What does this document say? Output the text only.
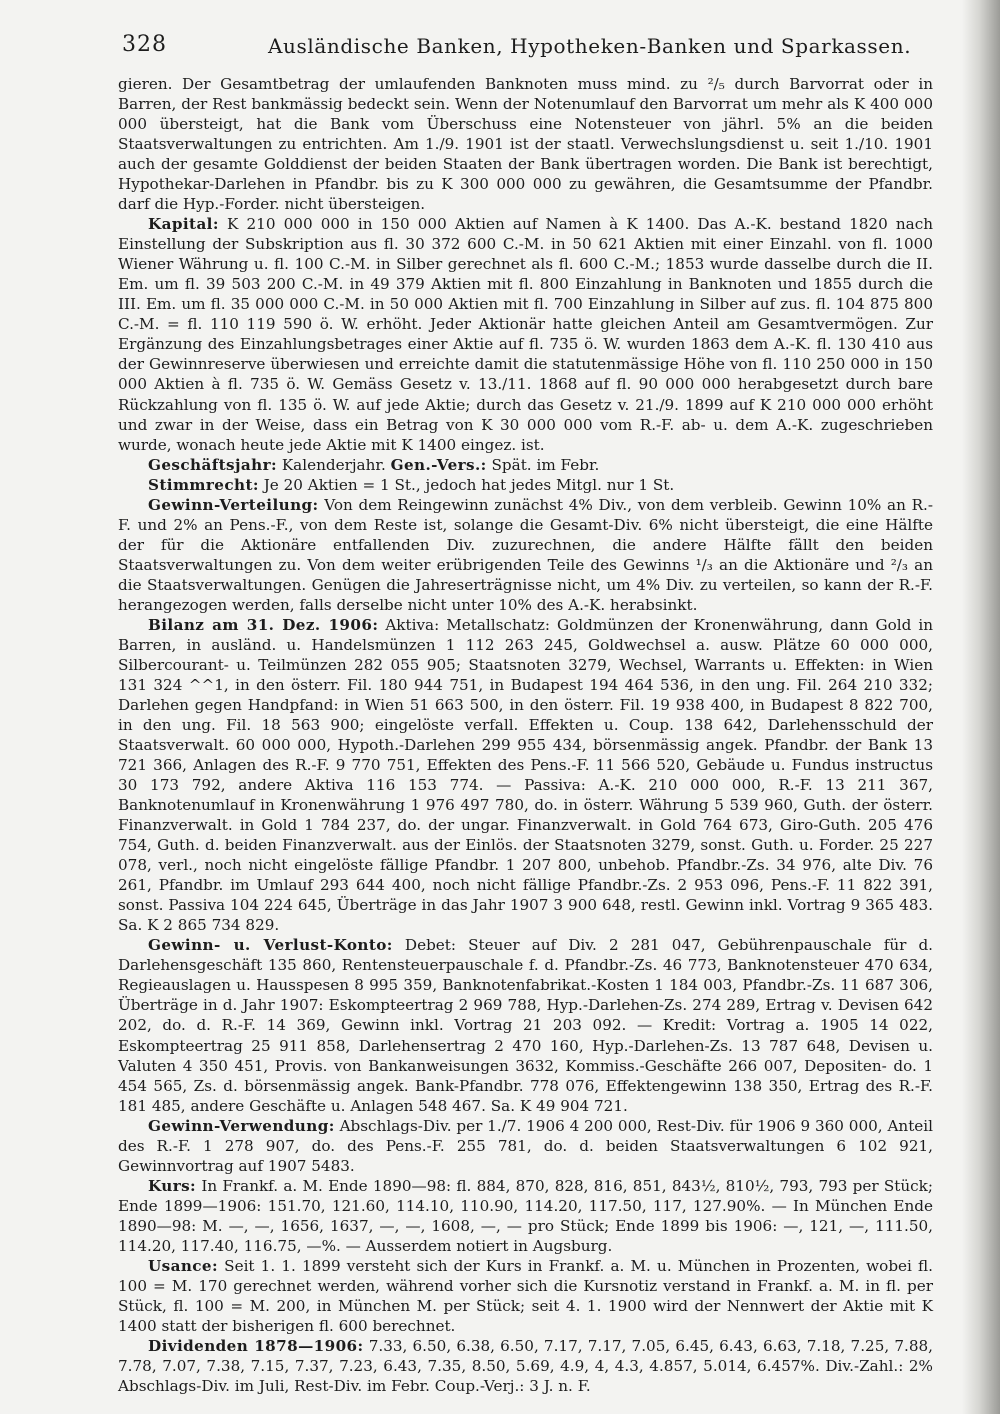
328	Ausländische Banken, Hypotheken-Banken und Sparkassen.

gieren. Der Gesamtbetrag der umlaufenden Banknoten muss mind. zu ²/₅ durch Barvorrat oder in Barren, der Rest bankmässig bedeckt sein. Wenn der Notenumlauf den Barvorrat um mehr als K 400 000 000 übersteigt, hat die Bank vom Überschuss eine Notensteuer von jährl. 5% an die beiden Staatsverwaltungen zu entrichten. Am 1./9. 1901 ist der staatl. Verwechslungsdienst u. seit 1./10. 1901 auch der gesamte Golddienst der beiden Staaten der Bank übertragen worden. Die Bank ist berechtigt, Hypothekar-Darlehen in Pfandbr. bis zu K 300 000 000 zu gewähren, die Gesamtsumme der Pfandbr. darf die Hyp.-Forder. nicht übersteigen.

Kapital: K 210 000 000 in 150 000 Aktien auf Namen à K 1400. Das A.-K. bestand 1820 nach Einstellung der Subskription aus fl. 30 372 600 C.-M. in 50 621 Aktien mit einer Einzahl. von fl. 1000 Wiener Währung u. fl. 100 C.-M. in Silber gerechnet als fl. 600 C.-M.; 1853 wurde dasselbe durch die II. Em. um fl. 39 503 200 C.-M. in 49 379 Aktien mit fl. 800 Einzahlung in Banknoten und 1855 durch die III. Em. um fl. 35 000 000 C.-M. in 50 000 Aktien mit fl. 700 Einzahlung in Silber auf zus. fl. 104 875 800 C.-M. = fl. 110 119 590 ö. W. erhöht. Jeder Aktionär hatte gleichen Anteil am Gesamtvermögen. Zur Ergänzung des Einzahlungsbetrages einer Aktie auf fl. 735 ö. W. wurden 1863 dem A.-K. fl. 130 410 aus der Gewinnreserve überwiesen und erreichte damit die statutenmässige Höhe von fl. 110 250 000 in 150 000 Aktien à fl. 735 ö. W. Gemäss Gesetz v. 13./11. 1868 auf fl. 90 000 000 herabgesetzt durch bare Rückzahlung von fl. 135 ö. W. auf jede Aktie; durch das Gesetz v. 21./9. 1899 auf K 210 000 000 erhöht und zwar in der Weise, dass ein Betrag von K 30 000 000 vom R.-F. ab- u. dem A.-K. zugeschrieben wurde, wonach heute jede Aktie mit K 1400 eingez. ist.

Geschäftsjahr: Kalenderjahr. Gen.-Vers.: Spät. im Febr.

Stimmrecht: Je 20 Aktien = 1 St., jedoch hat jedes Mitgl. nur 1 St.

Gewinn-Verteilung: Von dem Reingewinn zunächst 4% Div., von dem verbleib. Gewinn 10% an R.-F. und 2% an Pens.-F., von dem Reste ist, solange die Gesamt-Div. 6% nicht übersteigt, die eine Hälfte der für die Aktionäre entfallenden Div. zuzurechnen, die andere Hälfte fällt den beiden Staatsverwaltungen zu. Von dem weiter erübrigenden Teile des Gewinns ¹/₃ an die Aktionäre und ²/₃ an die Staatsverwaltungen. Genügen die Jahreserträgnisse nicht, um 4% Div. zu verteilen, so kann der R.-F. herangezogen werden, falls derselbe nicht unter 10% des A.-K. herabsinkt.

Bilanz am 31. Dez. 1906: Aktiva: Metallschatz: Goldmünzen der Kronenwährung, dann Gold in Barren, in ausländ. u. Handelsmünzen 1 112 263 245, Goldwechsel a. ausw. Plätze 60 000 000, Silbercourant- u. Teilmünzen 282 055 905; Staatsnoten 3279, Wechsel, Warrants u. Effekten: in Wien 131 324 ^^1, in den österr. Fil. 180 944 751, in Budapest 194 464 536, in den ung. Fil. 264 210 332; Darlehen gegen Handpfand: in Wien 51 663 500, in den österr. Fil. 19 938 400, in Budapest 8 822 700, in den ung. Fil. 18 563 900; eingelöste verfall. Effekten u. Coup. 138 642, Darlehensschuld der Staatsverwalt. 60 000 000, Hypoth.-Darlehen 299 955 434, börsenmässig angek. Pfandbr. der Bank 13 721 366, Anlagen des R.-F. 9 770 751, Effekten des Pens.-F. 11 566 520, Gebäude u. Fundus instructus 30 173 792, andere Aktiva 116 153 774. — Passiva: A.-K. 210 000 000, R.-F. 13 211 367, Banknotenumlauf in Kronenwährung 1 976 497 780, do. in österr. Währung 5 539 960, Guth. der österr. Finanzverwalt. in Gold 1 784 237, do. der ungar. Finanzverwalt. in Gold 764 673, Giro-Guth. 205 476 754, Guth. d. beiden Finanzverwalt. aus der Einlös. der Staatsnoten 3279, sonst. Guth. u. Forder. 25 227 078, verl., noch nicht eingelöste fällige Pfandbr. 1 207 800, unbehob. Pfandbr.-Zs. 34 976, alte Div. 76 261, Pfandbr. im Umlauf 293 644 400, noch nicht fällige Pfandbr.-Zs. 2 953 096, Pens.-F. 11 822 391, sonst. Passiva 104 224 645, Überträge in das Jahr 1907 3 900 648, restl. Gewinn inkl. Vortrag 9 365 483. Sa. K 2 865 734 829.

Gewinn- u. Verlust-Konto: Debet: Steuer auf Div. 2 281 047, Gebührenpauschale für d. Darlehensgeschäft 135 860, Rentensteuerpauschale f. d. Pfandbr.-Zs. 46 773, Banknotensteuer 470 634, Regieauslagen u. Hausspesen 8 995 359, Banknotenfabrikat.-Kosten 1 184 003, Pfandbr.-Zs. 11 687 306, Überträge in d. Jahr 1907: Eskomptеertrag 2 969 788, Hyp.-Darlehen-Zs. 274 289, Ertrag v. Devisen 642 202, do. d. R.-F. 14 369, Gewinn inkl. Vortrag 21 203 092. — Kredit: Vortrag a. 1905 14 022, Eskompteertrag 25 911 858, Darlehensertrag 2 470 160, Hyp.-Darlehen-Zs. 13 787 648, Devisen u. Valuten 4 350 451, Provis. von Bankanweisungen 3632, Kommiss.-Geschäfte 266 007, Depositen- do. 1 454 565, Zs. d. börsenmässig angek. Bank-Pfandbr. 778 076, Effektengewinn 138 350, Ertrag des R.-F. 181 485, andere Geschäfte u. Anlagen 548 467. Sa. K 49 904 721.

Gewinn-Verwendung: Abschlags-Div. per 1./7. 1906 4 200 000, Rest-Div. für 1906 9 360 000, Anteil des R.-F. 1 278 907, do. des Pens.-F. 255 781, do. d. beiden Staatsverwaltungen 6 102 921, Gewinnvortrag auf 1907 5483.

Kurs: In Frankf. a. M. Ende 1890—98: fl. 884, 870, 828, 816, 851, 843½, 810½, 793, 793 per Stück; Ende 1899—1906: 151.70, 121.60, 114.10, 110.90, 114.20, 117.50, 117, 127.90%. — In München Ende 1890—98: M. —, —, 1656, 1637, —, —, 1608, —, — pro Stück; Ende 1899 bis 1906: —, 121, —, 111.50, 114.20, 117.40, 116.75, —%. — Ausserdem notiert in Augsburg.

Usance: Seit 1. 1. 1899 versteht sich der Kurs in Frankf. a. M. u. München in Prozenten, wobei fl. 100 = M. 170 gerechnet werden, während vorher sich die Kursnotiz verstand in Frankf. a. M. in fl. per Stück, fl. 100 = M. 200, in München M. per Stück; seit 4. 1. 1900 wird der Nennwert der Aktie mit K 1400 statt der bisherigen fl. 600 berechnet.

Dividenden 1878—1906: 7.33, 6.50, 6.38, 6.50, 7.17, 7.17, 7.05, 6.45, 6.43, 6.63, 7.18, 7.25, 7.88, 7.78, 7.07, 7.38, 7.15, 7.37, 7.23, 6.43, 7.35, 8.50, 5.69, 4.9, 4, 4.3, 4.857, 5.014, 6.457%. Div.-Zahl.: 2% Abschlags-Div. im Juli, Rest-Div. im Febr. Coup.-Verj.: 3 J. n. F.
